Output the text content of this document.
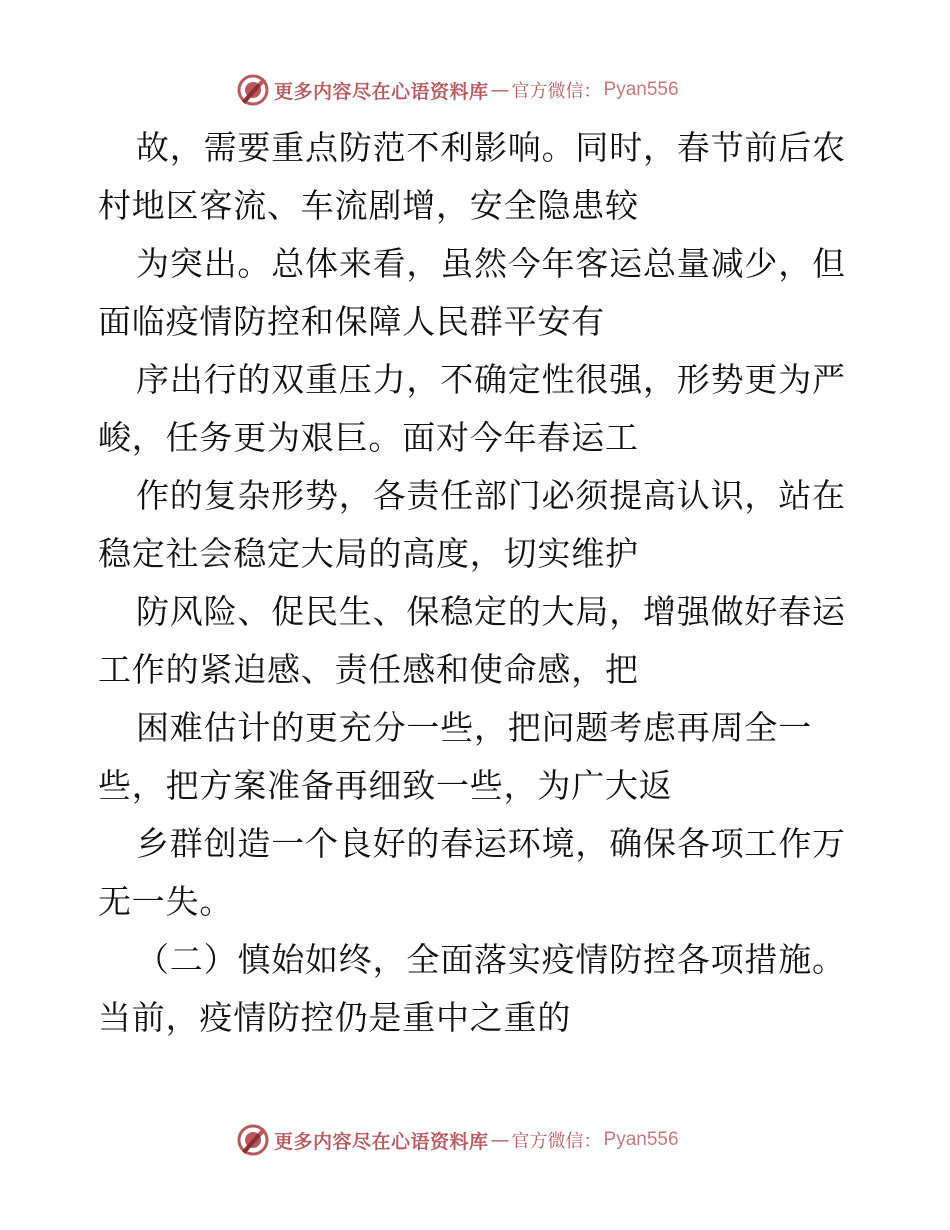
更多内容尽在心语资料库 — 官方微信： Pyan556
故，需要重点防范不利影响。同时，春节前后农
村地区客流、车流剧增，安全隐患较
为突出。总体来看，虽然今年客运总量减少，但
面临疫情防控和保障人民群平安有
序出行的双重压力，不确定性很强，形势更为严
峻，任务更为艰巨。面对今年春运工
作的复杂形势，各责任部门必须提高认识，站在
稳定社会稳定大局的高度，切实维护
防风险、促民生、保稳定的大局，增强做好春运
工作的紧迫感、责任感和使命感，把
困难估计的更充分一些，把问题考虑再周全一
些，把方案准备再细致一些，为广大返
乡群创造一个良好的春运环境，确保各项工作万
无一失。
（二）慎始如终，全面落实疫情防控各项措施。
当前，疫情防控仍是重中之重的
更多内容尽在心语资料库 — 官方微信： Pyan556
